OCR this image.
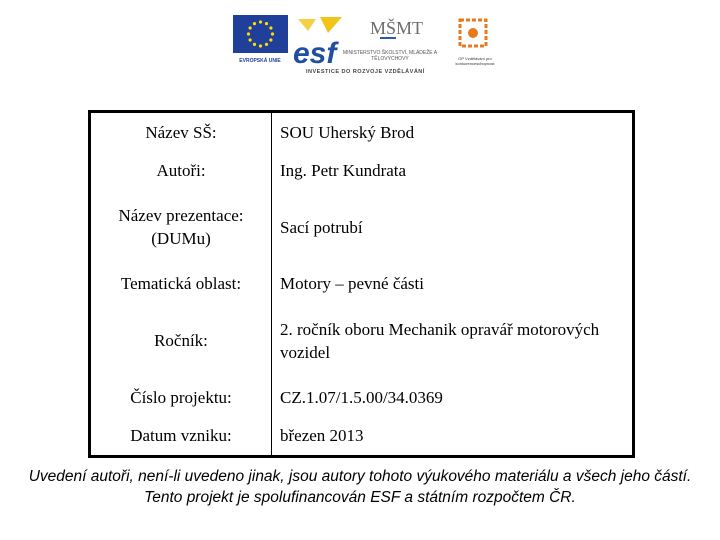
EVROPSKÁ UNIE esf
MŠMT
MINISTERSTVO ŠKOLSTVÍ, MLÁDEŽE A TĚLOVÝCHOVY	OP Vzdělávání pro konkurenceschopnost
INVESTICE DO ROZVOJE VZDĚLÁVÁNÍ
Název SŠ:	SOU Uherský Brod
Autoři:	Ing. Petr Kundrata
Název prezentace: (DUMu)	Sací potrubí
Tematická oblast:	Motory – pevné části
Ročník:	2. ročník oboru Mechanik opravář motorových vozidel
Číslo projektu:	CZ.1.07/1.5.00/34.0369
Datum vzniku:	březen 2013
Uvedení autoři, není-li uvedeno jinak, jsou autory tohoto výukového materiálu a všech jeho částí. Tento projekt je spolufinancován ESF a státním rozpočtem ČR.
